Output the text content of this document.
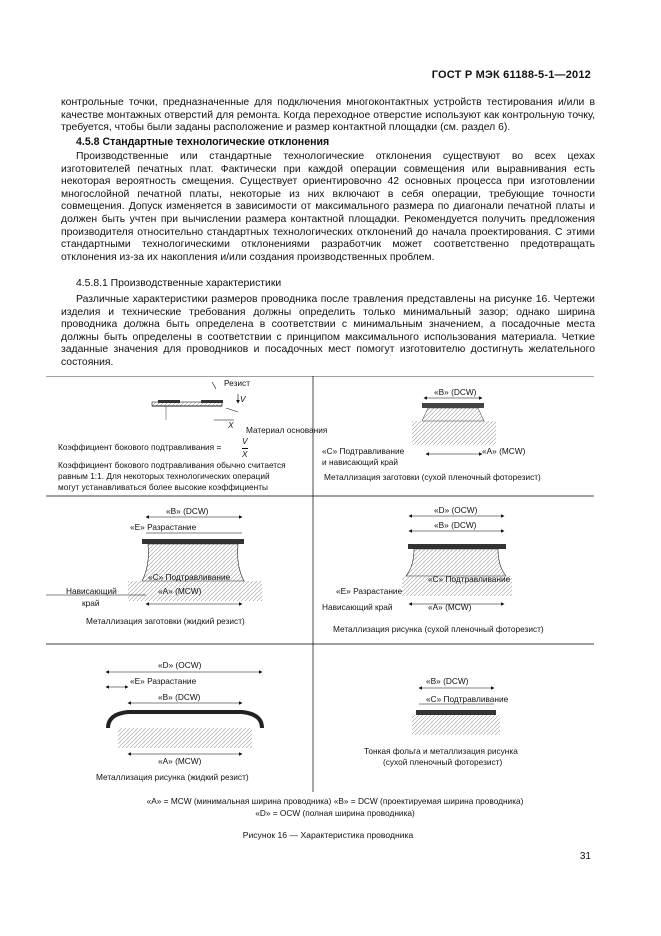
ГОСТ Р МЭК 61188-5-1—2012

контрольные точки, предназначенные для подключения многоконтактных устройств тестирования и/или в качестве монтажных отверстий для ремонта. Когда переходное отверстие используют как контрольную точку, требуется, чтобы были заданы расположение и размер контактной площадки (см. раздел 6).

4.5.8 Стандартные технологические отклонения

Производственные или стандартные технологические отклонения существуют во всех цехах изготовителей печатных плат. Фактически при каждой операции совмещения или выравнивания есть некоторая вероятность смещения. Существует ориентировочно 42 основных процесса при изготовлении многослойной печатной платы, некоторые из них включают в себя операции, требующие точности совмещения. Допуск изменяется в зависимости от максимального размера по диагонали печатной платы и должен быть учтен при вычислении размера контактной площадки. Рекомендуется получить предложения производителя относительно стандартных технологических отклонений до начала проектирования. С этими стандартными технологическими отклонениями разработчик может соответственно предотвращать отклонения из-за их накопления и/или создания производственных проблем.

4.5.8.1 Производственные характеристики

Различные характеристики размеров проводника после травления представлены на рисунке 16. Чертежи изделия и технические требования должны определить только минимальный зазор; однако ширина проводника должна быть определена в соответствии с минимальным значением, а посадочные места должны быть определены в соответствии с принципом максимального использования материала. Четкие заданные значения для проводников и посадочных мест помогут изготовителю достигнуть желательного состояния.

Резист
V
X Материал основания
Коэффициент бокового подтравливания =
V
X
Коэффициент бокового подтравливания обычно считается
равным 1:1. Для некоторых технологических операций
могут устанавливаться более высокие коэффициенты
«B» (DCW)
«C» Подтравливание
и нависающий край
«A» (MCW)
Металлизация заготовки (сухой пленочный фоторезист)
«B» (DCW)
«E» Разрастание
«C» Подтравливание
Нависающий
край
«A» (MCW)
Металлизация заготовки (жидкий резист)
«D» (OCW)
«B» (DCW)
«C» Подтравливание
«E» Разрастание
Нависающий край	«A» (MCW)
Металлизация рисунка (сухой пленочный фоторезист)
«D» (OCW)
«E» Разрастание
«B» (DCW)
«A» (MCW)
Металлизация рисунка (жидкий резист)
«B» (DCW)
«C» Подтравливание
Тонкая фольга и металлизация рисунка
(сухой пленочный фоторезист)
«A» = MCW (минимальная ширина проводника) «B» = DCW (проектируемая ширина проводника)
«D» = OCW (полная ширина проводника)
Рисунок 16 — Характеристика проводника
31
